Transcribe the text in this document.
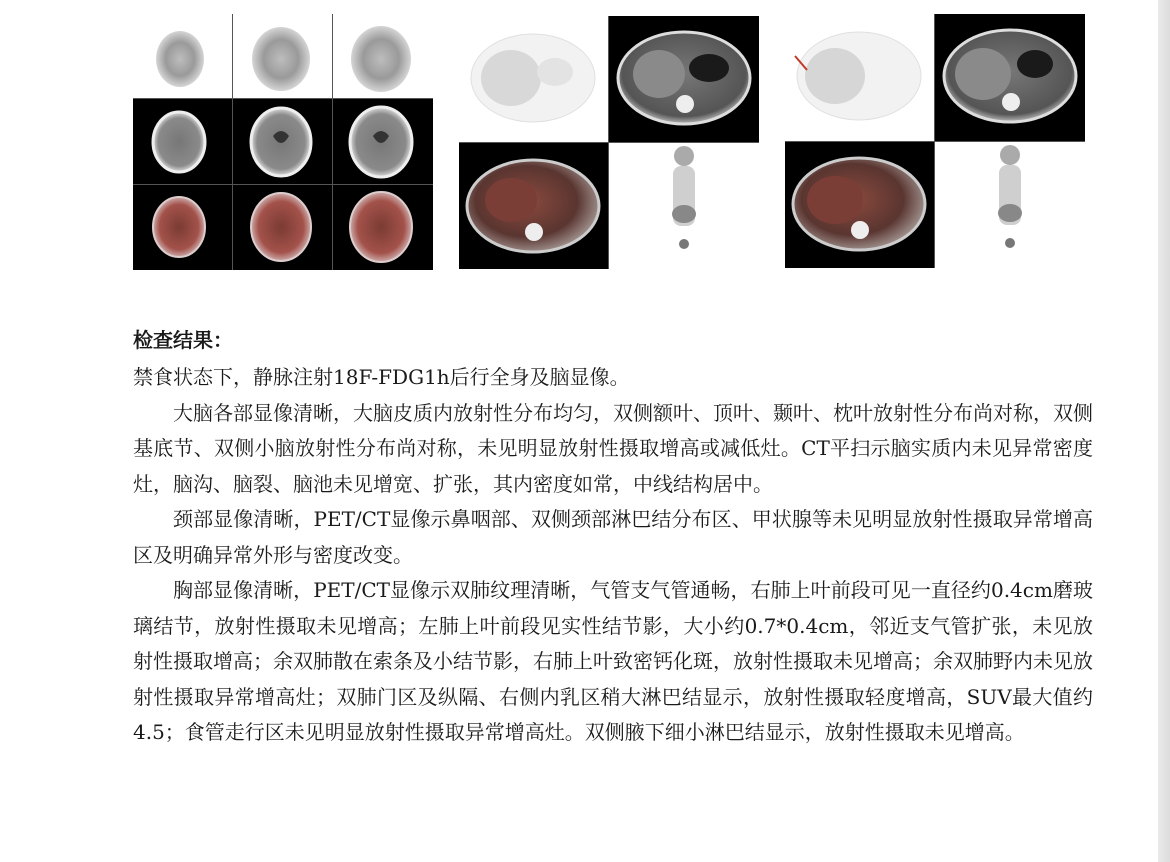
检查结果：

禁食状态下，静脉注射18F-FDG1h后行全身及脑显像。

大脑各部显像清晰，大脑皮质内放射性分布均匀，双侧额叶、顶叶、颞叶、枕叶放射性分布尚对称，双侧基底节、双侧小脑放射性分布尚对称，未见明显放射性摄取增高或减低灶。CT平扫示脑实质内未见异常密度灶，脑沟、脑裂、脑池未见增宽、扩张，其内密度如常，中线结构居中。

颈部显像清晰，PET/CT显像示鼻咽部、双侧颈部淋巴结分布区、甲状腺等未见明显放射性摄取异常增高区及明确异常外形与密度改变。

胸部显像清晰，PET/CT显像示双肺纹理清晰，气管支气管通畅，右肺上叶前段可见一直径约0.4cm磨玻璃结节，放射性摄取未见增高；左肺上叶前段见实性结节影，大小约0.7*0.4cm，邻近支气管扩张，未见放射性摄取增高；余双肺散在索条及小结节影，右肺上叶致密钙化斑，放射性摄取未见增高；余双肺野内未见放射性摄取异常增高灶；双肺门区及纵隔、右侧内乳区稍大淋巴结显示，放射性摄取轻度增高，SUV最大值约4.5；食管走行区未见明显放射性摄取异常增高灶。双侧腋下细小淋巴结显示，放射性摄取未见增高。
